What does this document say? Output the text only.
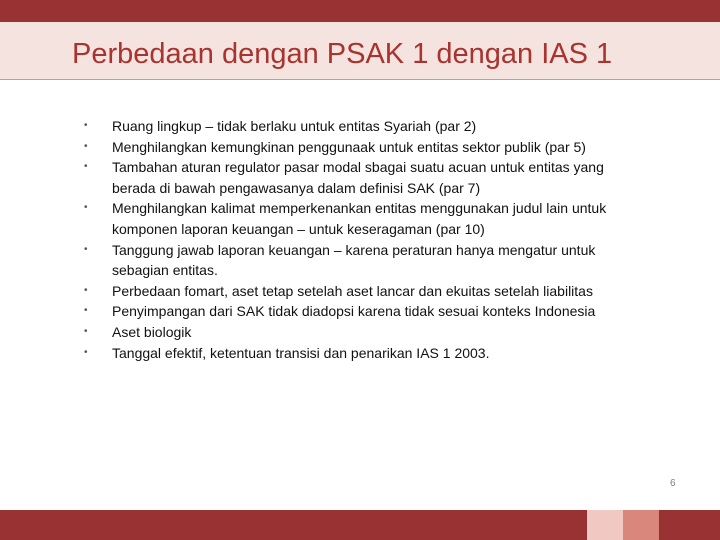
Perbedaan dengan PSAK 1 dengan IAS 1
•	Ruang lingkup – tidak berlaku untuk entitas Syariah (par 2)
•	Menghilangkan kemungkinan penggunaak untuk entitas sektor publik (par 5)
•	Tambahan aturan regulator pasar modal sbagai suatu acuan untuk entitas yang berada di bawah pengawasanya dalam definisi SAK (par 7)
•	Menghilangkan kalimat memperkenankan entitas menggunakan judul lain untuk komponen laporan keuangan – untuk keseragaman (par 10)
•	Tanggung jawab laporan keuangan – karena peraturan hanya mengatur untuk sebagian entitas.
•	Perbedaan fomart, aset tetap setelah aset lancar dan ekuitas setelah liabilitas
•	Penyimpangan dari SAK tidak diadopsi karena tidak sesuai konteks Indonesia
•	Aset biologik
•	Tanggal efektif, ketentuan transisi dan penarikan IAS 1 2003.
6
